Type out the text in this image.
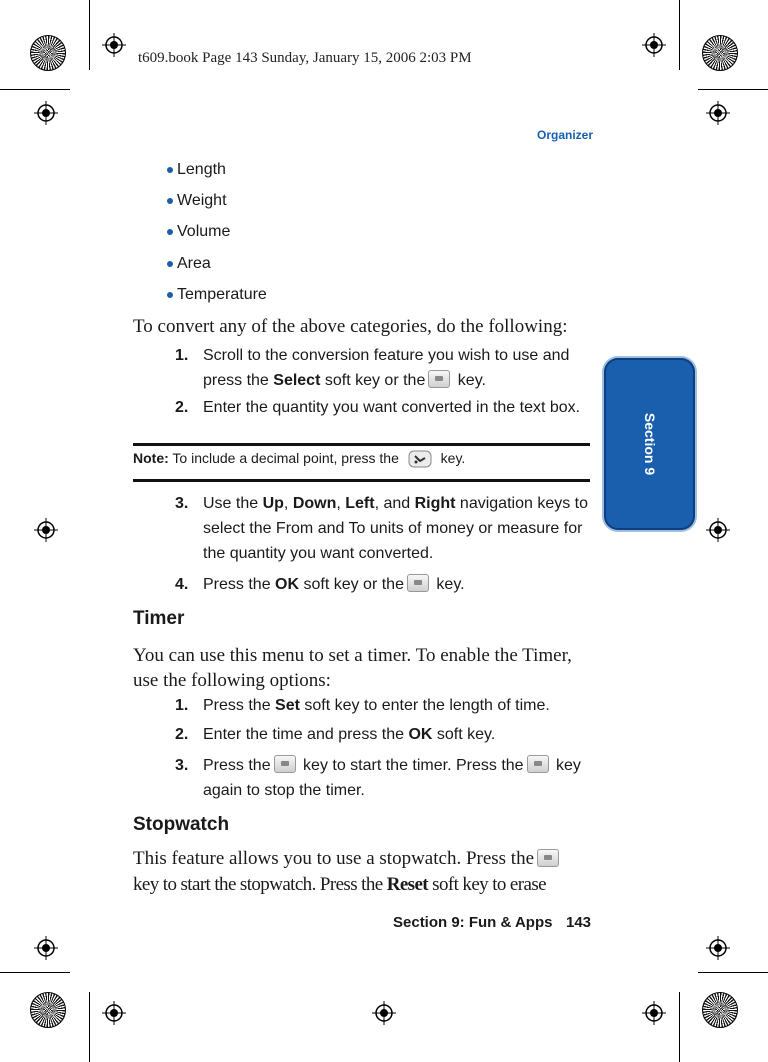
t609.book Page 143 Sunday, January 15, 2006 2:03 PM
Organizer
Length
Weight
Volume
Area
Temperature
To convert any of the above categories, do the following:
1. Scroll to the conversion feature you wish to use and press the Select soft key or the key.
2. Enter the quantity you want converted in the text box.
Note: To include a decimal point, press the	key.
3. Use the Up, Down, Left, and Right navigation keys to select the From and To units of money or measure for the quantity you want converted.
4. Press the OK soft key or the key.
Timer
You can use this menu to set a timer. To enable the Timer, use the following options:
1. Press the Set soft key to enter the length of time.
2. Enter the time and press the OK soft key.
3. Press the key to start the timer. Press the key again to stop the timer.
Stopwatch
This feature allows you to use a stopwatch. Press the
key to start the stopwatch. Press the Reset soft key to erase
Section 9
Section 9: Fun & Apps 143
